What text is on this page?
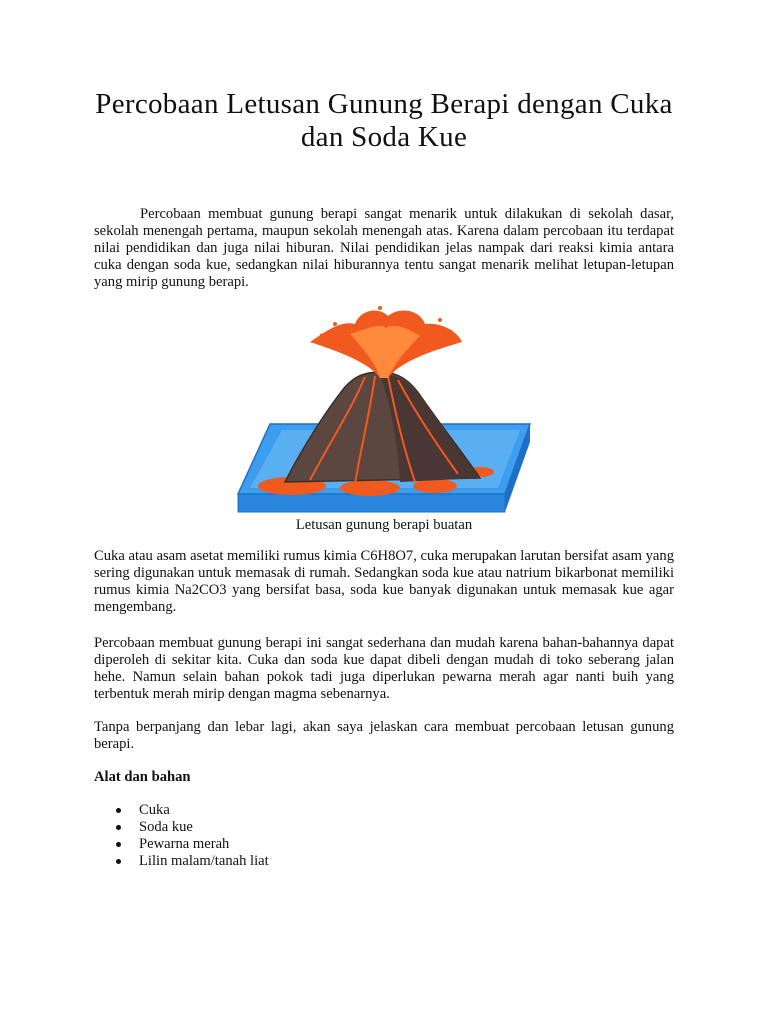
Percobaan Letusan Gunung Berapi dengan Cuka dan Soda Kue

Percobaan membuat gunung berapi sangat menarik untuk dilakukan di sekolah dasar, sekolah menengah pertama, maupun sekolah menengah atas. Karena dalam percobaan itu terdapat nilai pendidikan dan juga nilai hiburan. Nilai pendidikan jelas nampak dari reaksi kimia antara cuka dengan soda kue, sedangkan nilai hiburannya tentu sangat menarik melihat letupan-letupan yang mirip gunung berapi.

Letusan gunung berapi buatan

Cuka atau asam asetat memiliki rumus kimia C6H8O7, cuka merupakan larutan bersifat asam yang sering digunakan untuk memasak di rumah. Sedangkan soda kue atau natrium bikarbonat memiliki rumus kimia Na2CO3 yang bersifat basa, soda kue banyak digunakan untuk memasak kue agar mengembang.

Percobaan membuat gunung berapi ini sangat sederhana dan mudah karena bahan-bahannya dapat diperoleh di sekitar kita. Cuka dan soda kue dapat dibeli dengan mudah di toko seberang jalan hehe. Namun selain bahan pokok tadi juga diperlukan pewarna merah agar nanti buih yang terbentuk merah mirip dengan magma sebenarnya.

Tanpa berpanjang dan lebar lagi, akan saya jelaskan cara membuat percobaan letusan gunung berapi.

Alat dan bahan

Cuka
Soda kue
Pewarna merah
Lilin malam/tanah liat
